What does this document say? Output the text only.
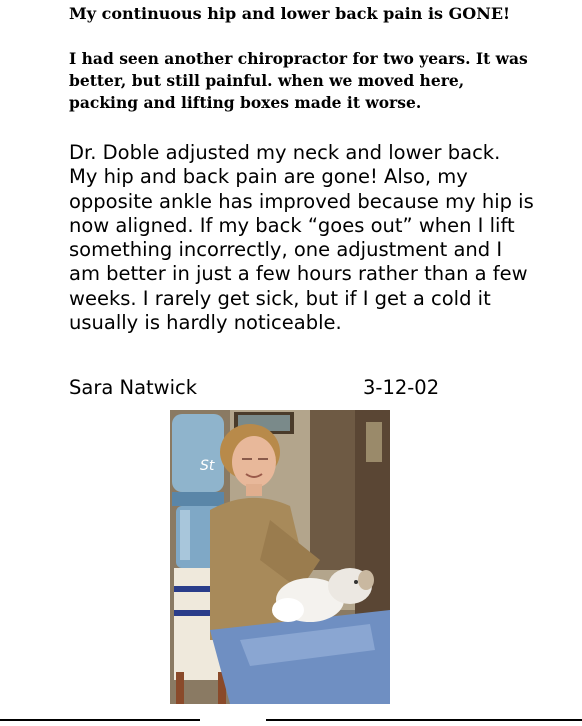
My continuous hip and lower back pain is GONE!
I had seen another chiropractor for two years. It was
better, but still painful. when we moved here,
packing and lifting boxes made it worse.
Dr. Doble adjusted my neck and lower back.
My hip and back pain are gone! Also, my
opposite ankle has improved because my hip is
now aligned. If my back “goes out” when I lift
something incorrectly, one adjustment and I
am better in just a few hours rather than a few
weeks. I rarely get sick, but if I get a cold it
usually is hardly noticeable.
Sara Natwick	3-12-02
St
